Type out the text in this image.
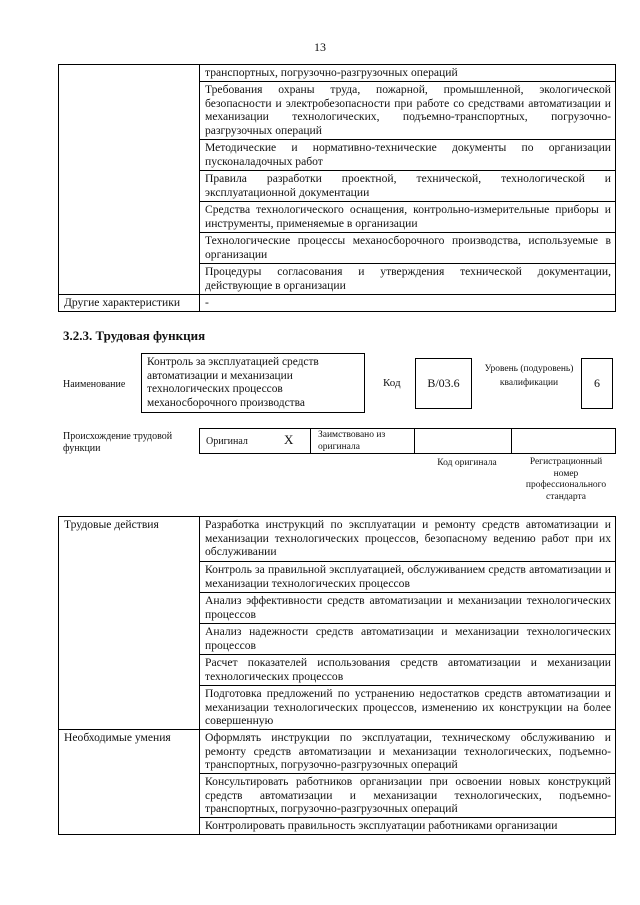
13
	транспортных, погрузочно-разгрузочных операций
	Требования охраны труда, пожарной, промышленной, экологической безопасности и электробезопасности при работе со средствами автоматизации и механизации технологических, подъемно-транспортных, погрузочно-разгрузочных операций
	Методические и нормативно-технические документы по организации пусконаладочных работ
	Правила разработки проектной, технической, технологической и эксплуатационной документации
	Средства технологического оснащения, контрольно-измерительные приборы и инструменты, применяемые в организации
	Технологические процессы механосборочного производства, используемые в организации
	Процедуры согласования и утверждения технической документации, действующие в организации
Другие характеристики	-
3.2.3. Трудовая функция
Наименование
Контроль за эксплуатацией средств автоматизации и механизации технологических процессов механосборочного производства
Код	B/03.6
Уровень (подуровень) квалификации	6
Происхождение трудовой функции
Оригинал	X	Заимствовано из оригинала
Код оригинала	Регистрационный номер профессионального стандарта
Трудовые действия	Разработка инструкций по эксплуатации и ремонту средств автоматизации и механизации технологических процессов, безопасному ведению работ при их обслуживании
	Контроль за правильной эксплуатацией, обслуживанием средств автоматизации и механизации технологических процессов
	Анализ эффективности средств автоматизации и механизации технологических процессов
	Анализ надежности средств автоматизации и механизации технологических процессов
	Расчет показателей использования средств автоматизации и механизации технологических процессов
	Подготовка предложений по устранению недостатков средств автоматизации и механизации технологических процессов, изменению их конструкции на более совершенную
Необходимые умения	Оформлять инструкции по эксплуатации, техническому обслуживанию и ремонту средств автоматизации и механизации технологических, подъемно-транспортных, погрузочно-разгрузочных операций
	Консультировать работников организации при освоении новых конструкций средств автоматизации и механизации технологических, подъемно-транспортных, погрузочно-разгрузочных операций
	Контролировать правильность эксплуатации работниками организации
